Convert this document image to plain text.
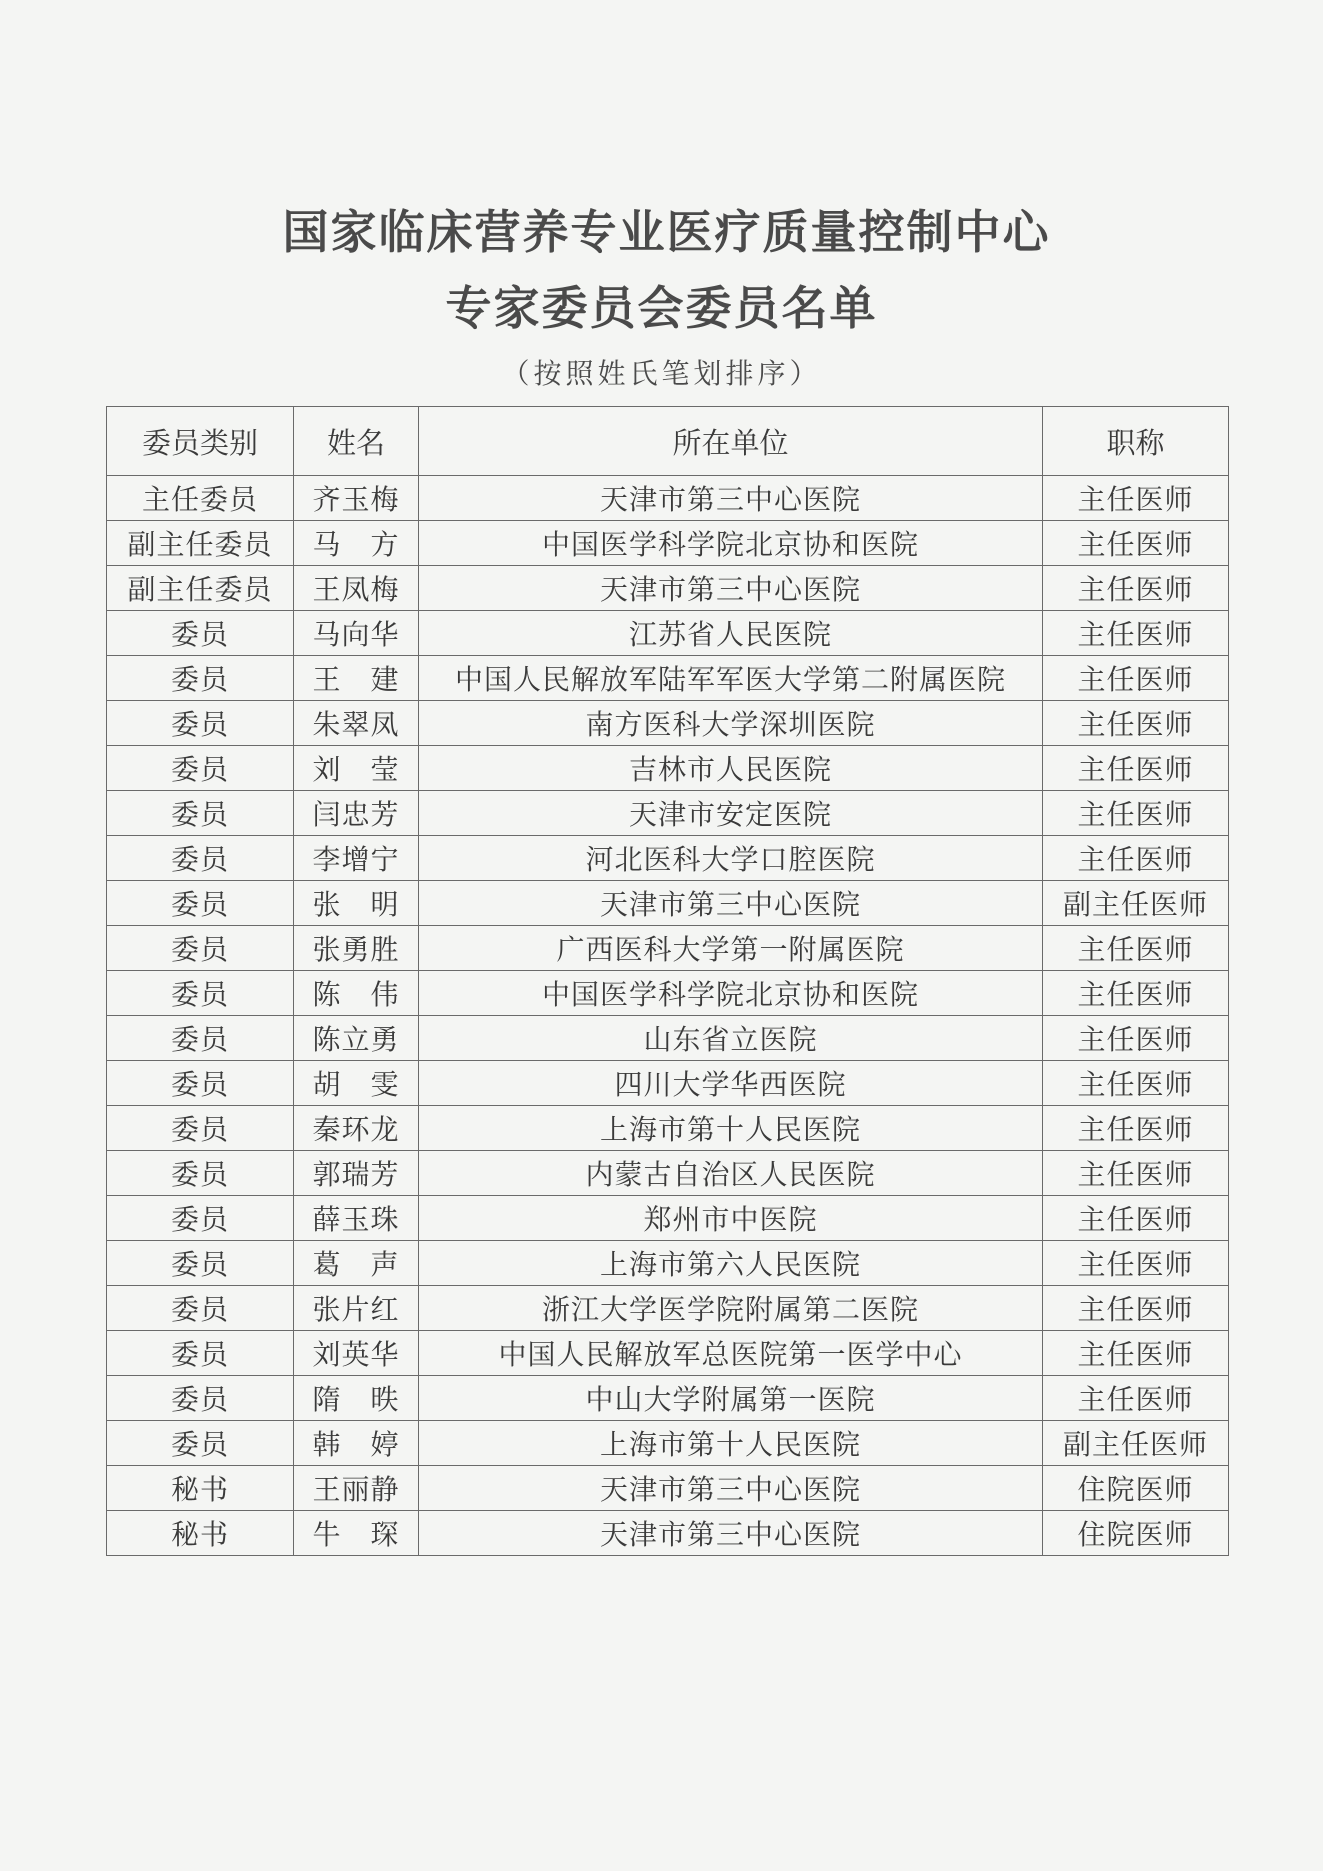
国家临床营养专业医疗质量控制中心
专家委员会委员名单
（按照姓氏笔划排序）
委员类别	姓名	所在单位	职称
主任委员	齐玉梅	天津市第三中心医院	主任医师
副主任委员	马　方	中国医学科学院北京协和医院	主任医师
副主任委员	王凤梅	天津市第三中心医院	主任医师
委员	马向华	江苏省人民医院	主任医师
委员	王　建	中国人民解放军陆军军医大学第二附属医院	主任医师
委员	朱翠凤	南方医科大学深圳医院	主任医师
委员	刘　莹	吉林市人民医院	主任医师
委员	闫忠芳	天津市安定医院	主任医师
委员	李增宁	河北医科大学口腔医院	主任医师
委员	张　明	天津市第三中心医院	副主任医师
委员	张勇胜	广西医科大学第一附属医院	主任医师
委员	陈　伟	中国医学科学院北京协和医院	主任医师
委员	陈立勇	山东省立医院	主任医师
委员	胡　雯	四川大学华西医院	主任医师
委员	秦环龙	上海市第十人民医院	主任医师
委员	郭瑞芳	内蒙古自治区人民医院	主任医师
委员	薛玉珠	郑州市中医院	主任医师
委员	葛　声	上海市第六人民医院	主任医师
委员	张片红	浙江大学医学院附属第二医院	主任医师
委员	刘英华	中国人民解放军总医院第一医学中心	主任医师
委员	隋　昳	中山大学附属第一医院	主任医师
委员	韩　婷	上海市第十人民医院	副主任医师
秘书	王丽静	天津市第三中心医院	住院医师
秘书	牛　琛	天津市第三中心医院	住院医师
